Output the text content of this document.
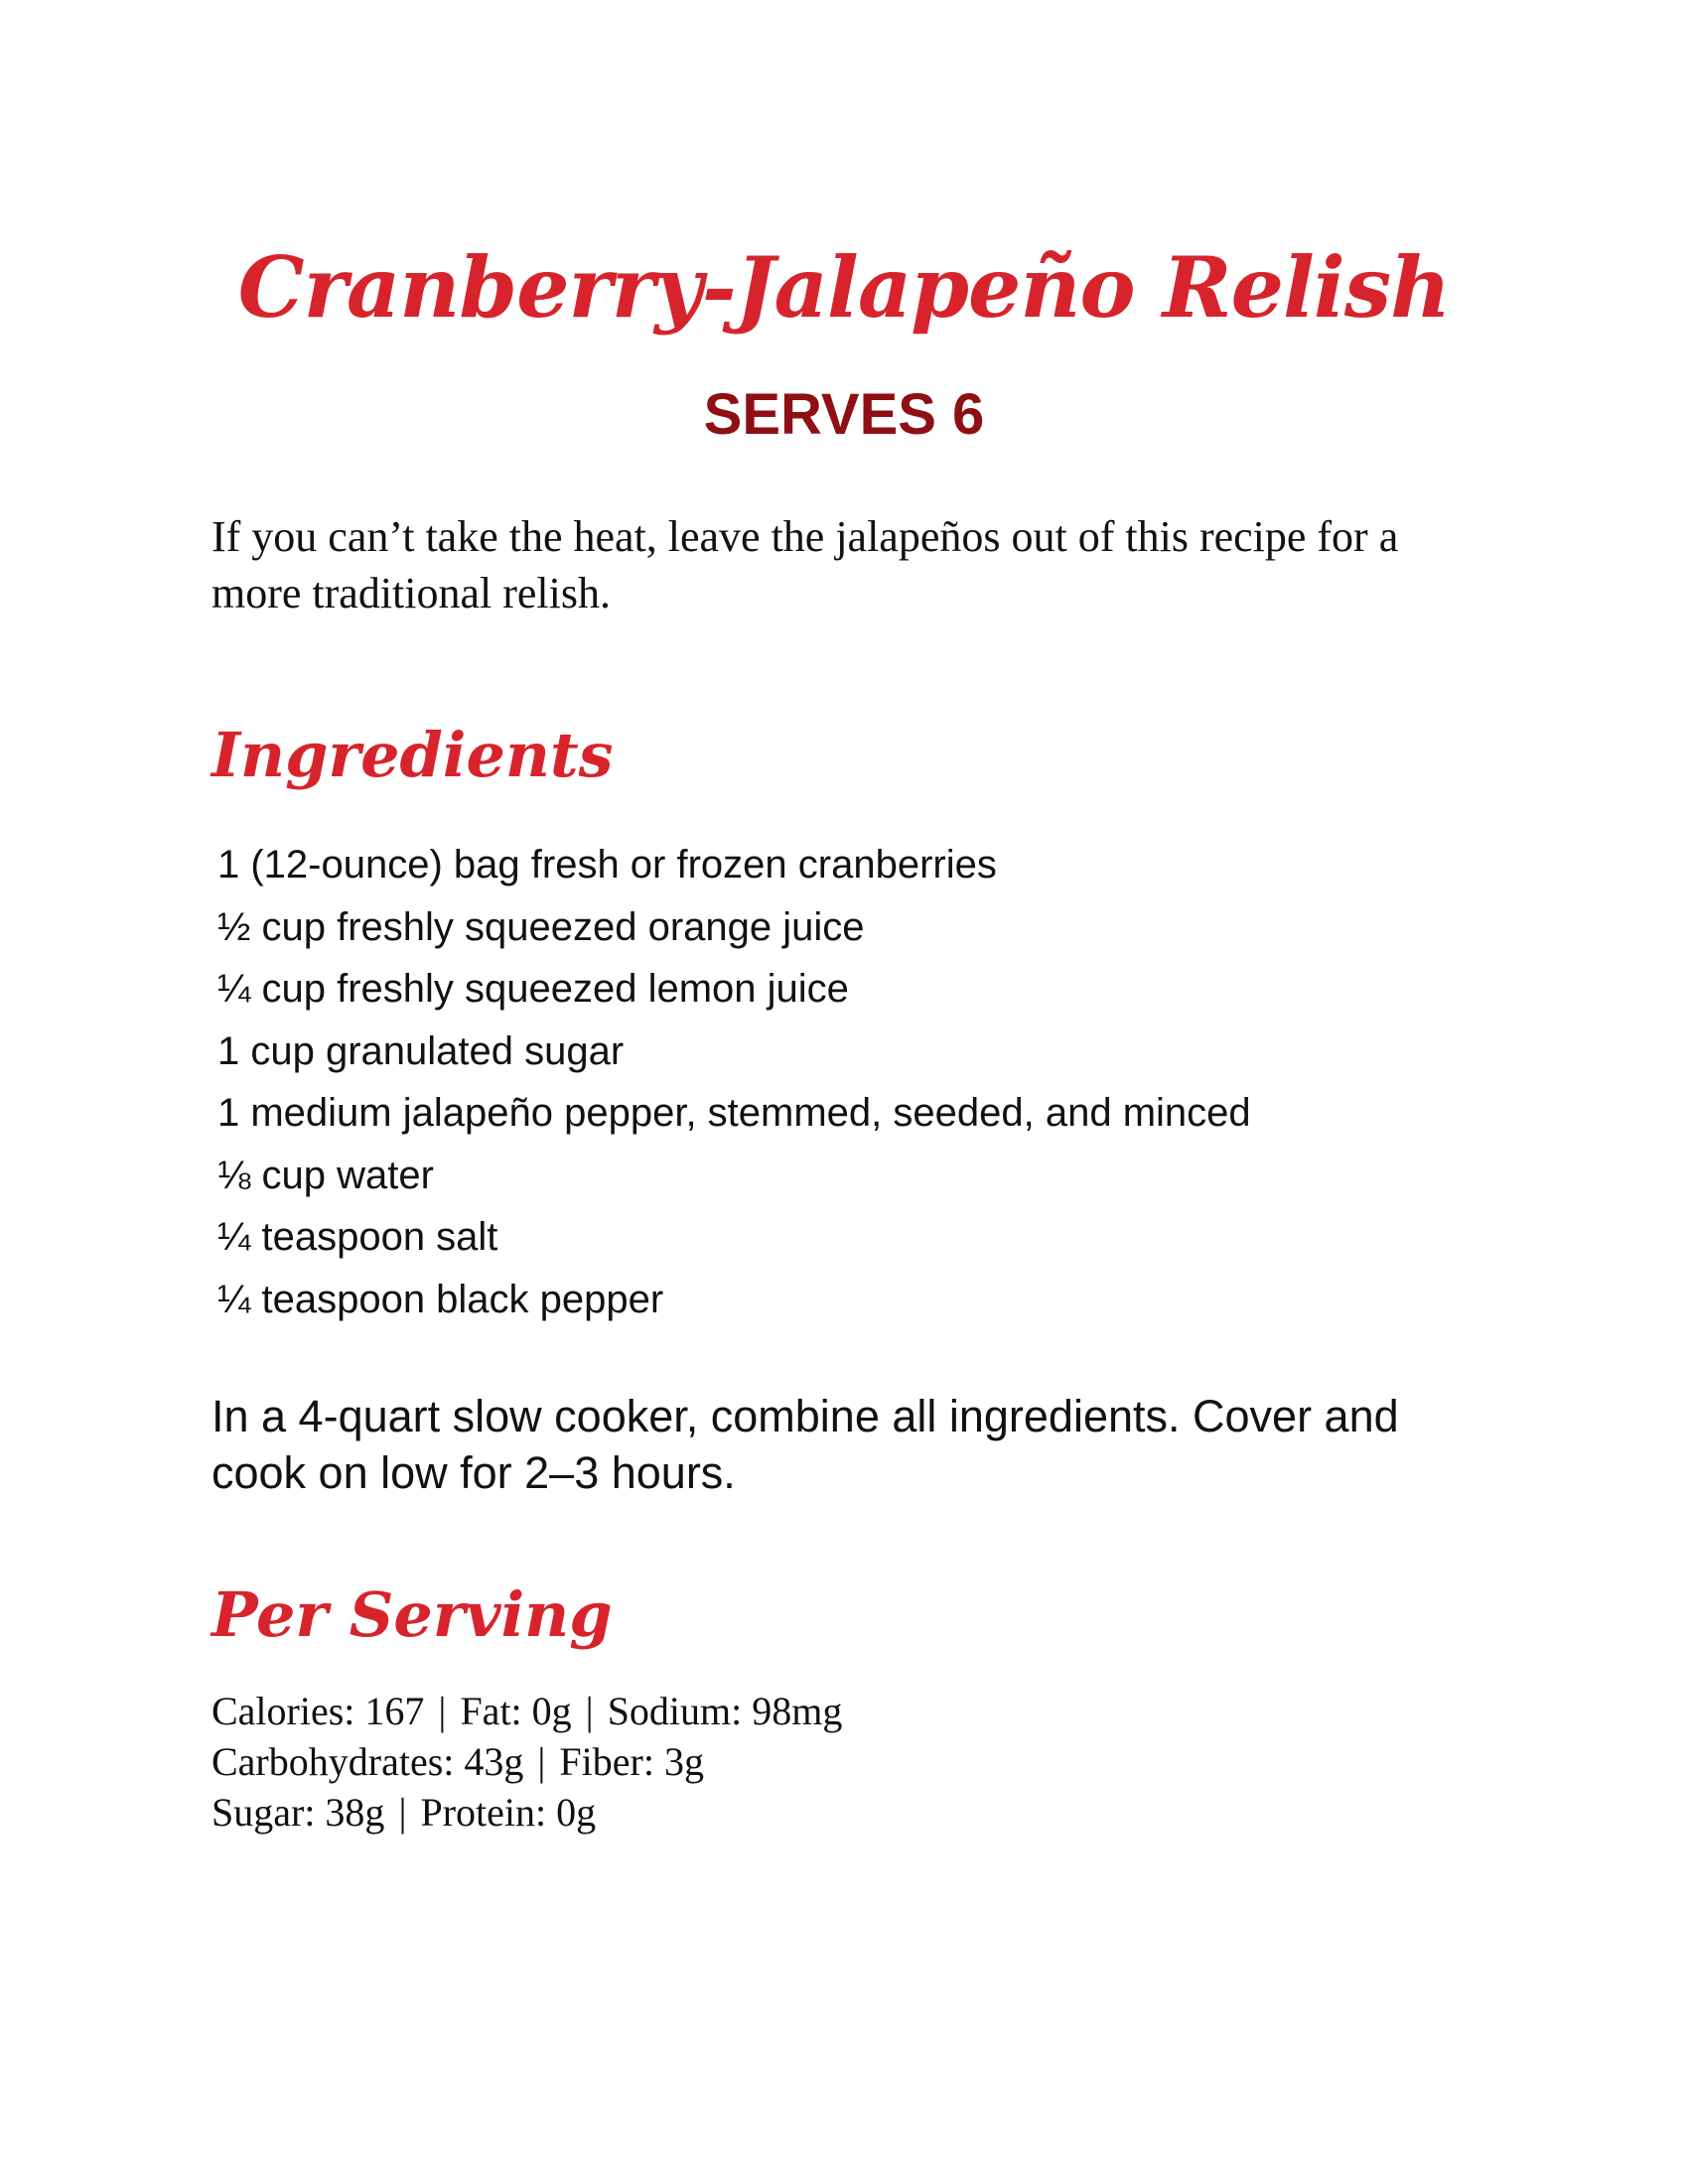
Cranberry-Jalapeño Relish
SERVES 6

If you can’t take the heat, leave the jalapeños out of this recipe for a more traditional relish.

Ingredients
1 (12-ounce) bag fresh or frozen cranberries
½ cup freshly squeezed orange juice
¼ cup freshly squeezed lemon juice
1 cup granulated sugar
1 medium jalapeño pepper, stemmed, seeded, and minced
⅛ cup water
¼ teaspoon salt
¼ teaspoon black pepper

In a 4-quart slow cooker, combine all ingredients. Cover and cook on low for 2–3 hours.

Per Serving
Calories: 167 | Fat: 0g | Sodium: 98mg
Carbohydrates: 43g | Fiber: 3g
Sugar: 38g | Protein: 0g
